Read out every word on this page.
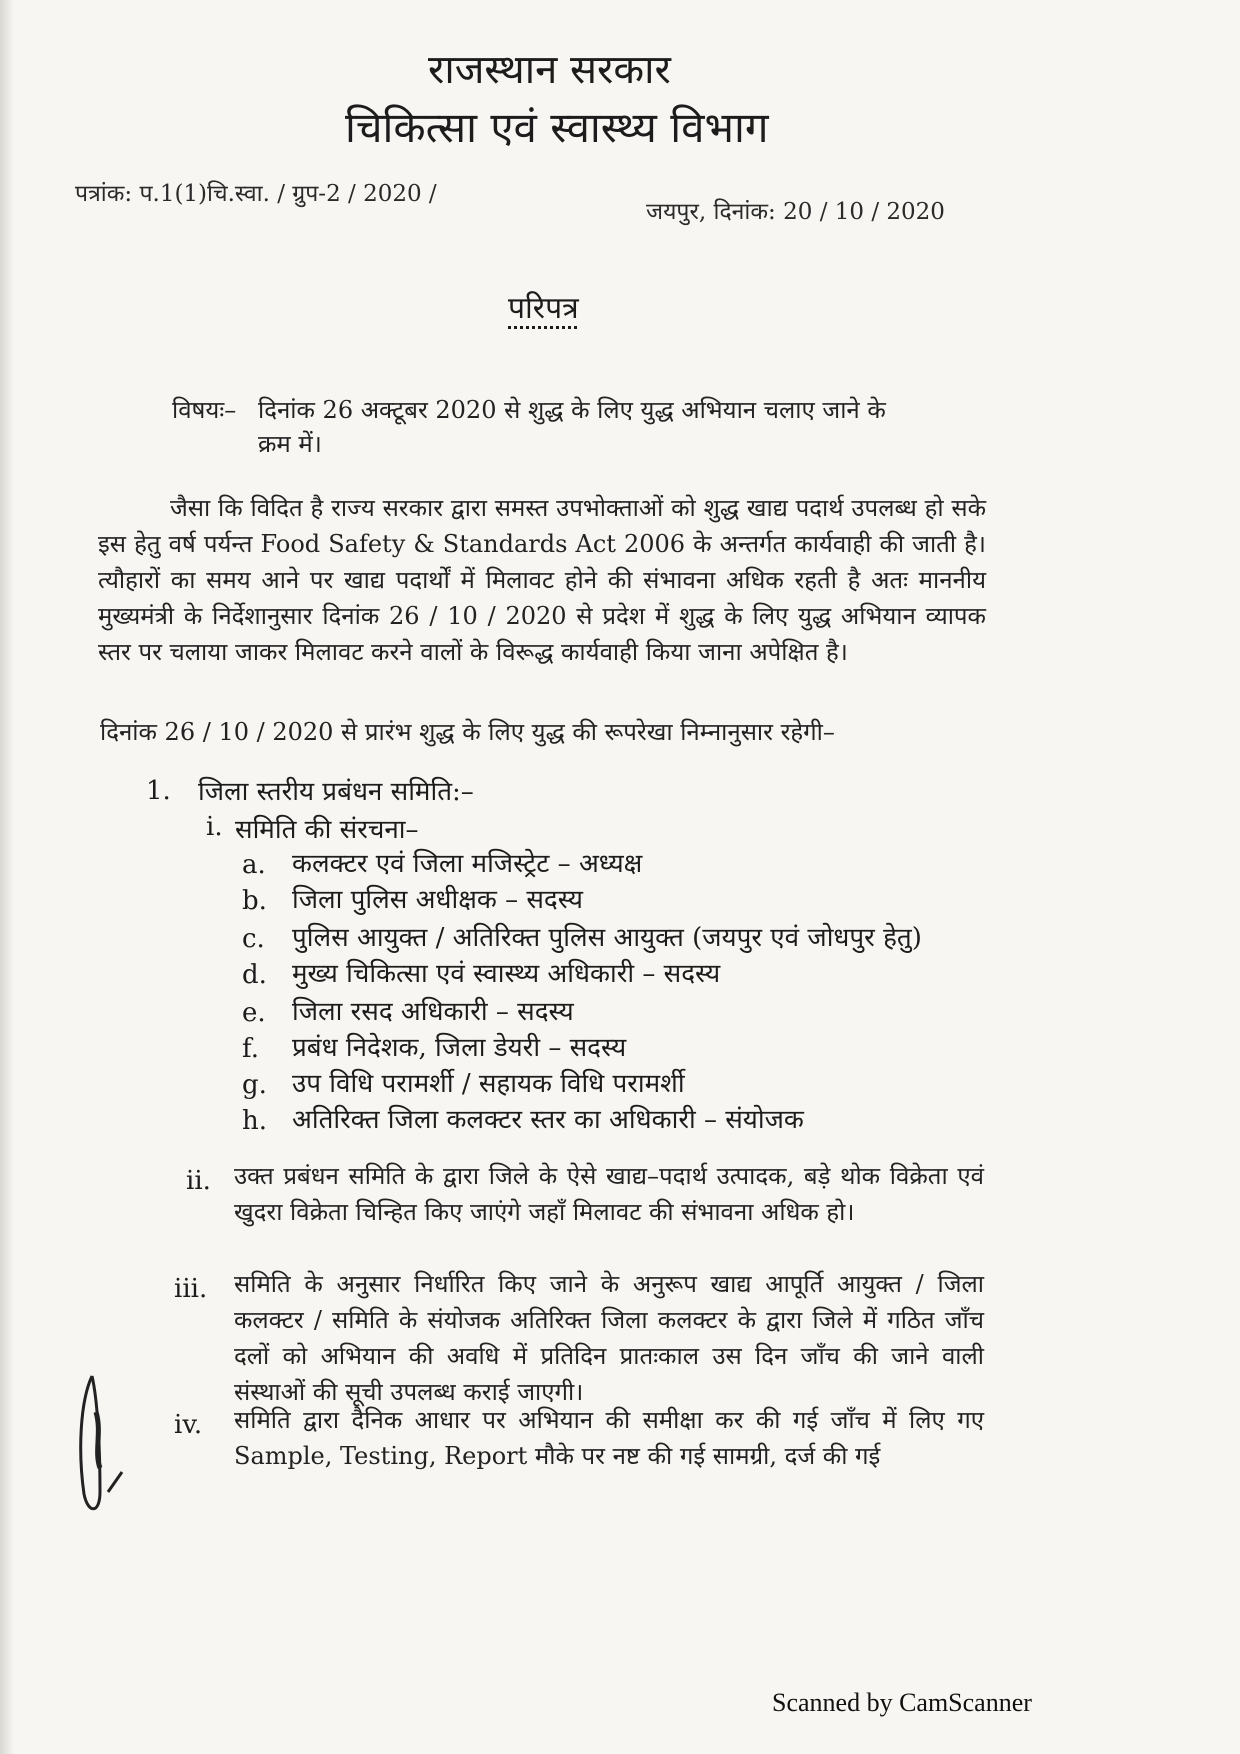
राजस्थान सरकार
चिकित्सा एवं स्वास्थ्य विभाग
पत्रांक: प.1(1)चि.स्वा. / ग्रुप-2 / 2020 /
जयपुर, दिनांक: 20 / 10 / 2020
परिपत्र
विषयः– दिनांक 26 अक्टूबर 2020 से शुद्ध के लिए युद्ध अभियान चलाए जाने के
क्रम में।
जैसा कि विदित है राज्य सरकार द्वारा समस्त उपभोक्ताओं को शुद्ध खाद्य पदार्थ उपलब्ध हो सके इस हेतु वर्ष पर्यन्त Food Safety & Standards Act 2006 के अन्तर्गत कार्यवाही की जाती है। त्यौहारों का समय आने पर खाद्य पदार्थों में मिलावट होने की संभावना अधिक रहती है अतः माननीय मुख्यमंत्री के निर्देशानुसार दिनांक 26 / 10 / 2020 से प्रदेश में शुद्ध के लिए युद्ध अभियान व्यापक स्तर पर चलाया जाकर मिलावट करने वालों के विरूद्ध कार्यवाही किया जाना अपेक्षित है।
दिनांक 26 / 10 / 2020 से प्रारंभ शुद्ध के लिए युद्ध की रूपरेखा निम्नानुसार रहेगी–
1. जिला स्तरीय प्रबंधन समिति:–
i. समिति की संरचना–
a. कलक्टर एवं जिला मजिस्ट्रेट – अध्यक्ष
b. जिला पुलिस अधीक्षक – सदस्य
c. पुलिस आयुक्त / अतिरिक्त पुलिस आयुक्त (जयपुर एवं जोधपुर हेतु)
d. मुख्य चिकित्सा एवं स्वास्थ्य अधिकारी – सदस्य
e. जिला रसद अधिकारी – सदस्य
f. प्रबंध निदेशक, जिला डेयरी – सदस्य
g. उप विधि परामर्शी / सहायक विधि परामर्शी
h. अतिरिक्त जिला कलक्टर स्तर का अधिकारी – संयोजक
ii. उक्त प्रबंधन समिति के द्वारा जिले के ऐसे खाद्य–पदार्थ उत्पादक, बड़े थोक विक्रेता एवं खुदरा विक्रेता चिन्हित किए जाएंगे जहाँ मिलावट की संभावना अधिक हो।
iii. समिति के अनुसार निर्धारित किए जाने के अनुरूप खाद्य आपूर्ति आयुक्त / जिला कलक्टर / समिति के संयोजक अतिरिक्त जिला कलक्टर के द्वारा जिले में गठित जाँच दलों को अभियान की अवधि में प्रतिदिन प्रातःकाल उस दिन जाँच की जाने वाली संस्थाओं की सूची उपलब्ध कराई जाएगी।
iv. समिति द्वारा दैनिक आधार पर अभियान की समीक्षा कर की गई जाँच में लिए गए Sample, Testing, Report मौके पर नष्ट की गई सामग्री, दर्ज की गई
Scanned by CamScanner
